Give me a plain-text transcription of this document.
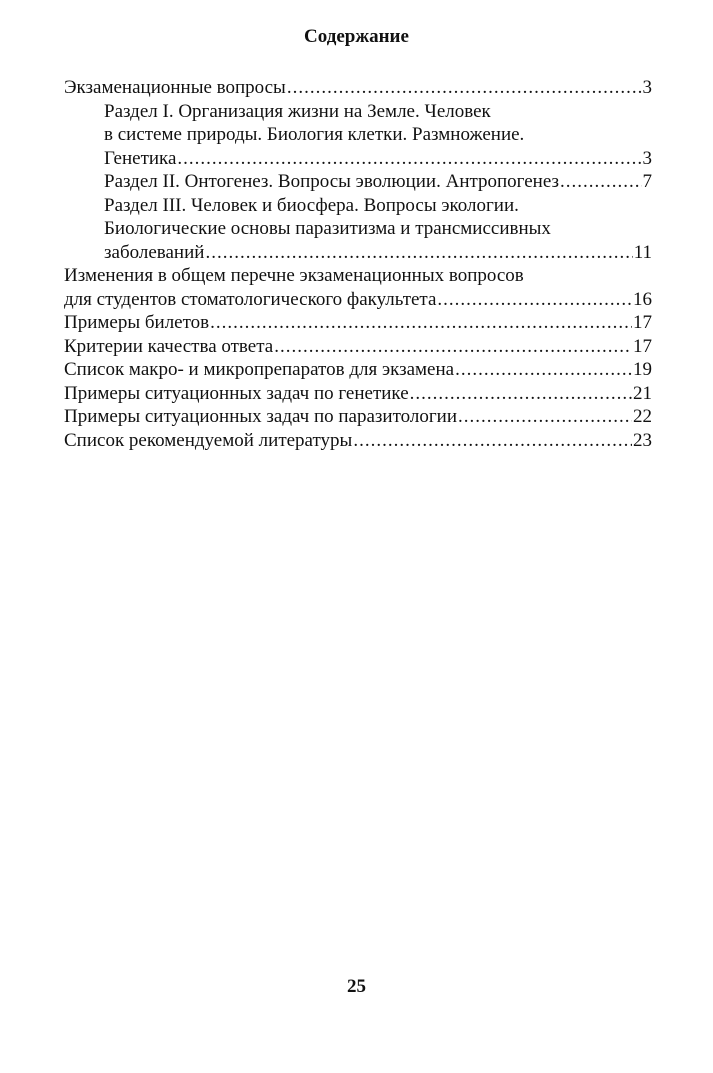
Содержание
Экзаменационные вопросы .....	3
Раздел I. Организация жизни на Земле. Человек
в системе природы. Биология клетки. Размножение.
Генетика .....	3
Раздел II. Онтогенез. Вопросы эволюции. Антропогенез .....	7
Раздел III. Человек и биосфера. Вопросы экологии.
Биологические основы паразитизма и трансмиссивных
заболеваний .....	11
Изменения в общем перечне экзаменационных вопросов
для студентов стоматологического факультета .....	16
Примеры билетов .....	17
Критерии качества ответа .....	17
Список макро- и микропрепаратов для экзамена .....	19
Примеры ситуационных задач по генетике .....	21
Примеры ситуационных задач по паразитологии .....	22
Список рекомендуемой литературы .....	23
25
